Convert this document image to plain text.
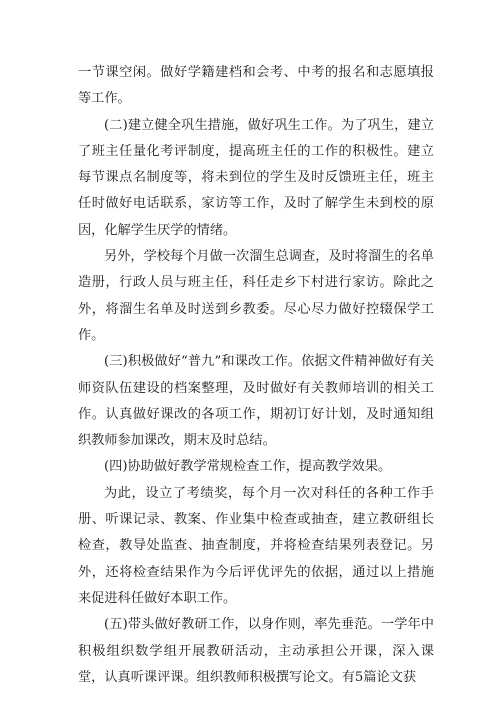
一节课空闲。做好学籍建档和会考、中考的报名和志愿填报等工作。

(二)建立健全巩生措施，做好巩生工作。为了巩生，建立了班主任量化考评制度，提高班主任的工作的积极性。建立每节课点名制度等，将未到位的学生及时反馈班主任，班主任时做好电话联系，家访等工作，及时了解学生未到校的原因，化解学生厌学的情绪。

另外，学校每个月做一次溜生总调查，及时将溜生的名单造册，行政人员与班主任，科任走乡下村进行家访。除此之外，将溜生名单及时送到乡教委。尽心尽力做好控辍保学工作。

(三)积极做好“普九”和课改工作。依据文件精神做好有关师资队伍建设的档案整理，及时做好有关教师培训的相关工作。认真做好课改的各项工作，期初订好计划，及时通知组织教师参加课改，期末及时总结。

(四)协助做好教学常规检查工作，提高教学效果。

为此，设立了考绩奖，每个月一次对科任的各种工作手册、听课记录、教案、作业集中检查或抽查，建立教研组长检查，教导处监查、抽查制度，并将检查结果列表登记。另外，还将检查结果作为今后评优评先的依据，通过以上措施来促进科任做好本职工作。

(五)带头做好教研工作，以身作则，率先垂范。一学年中积极组织数学组开展教研活动，主动承担公开课，深入课堂，认真听课评课。组织教师积极撰写论文。有5篇论文获
